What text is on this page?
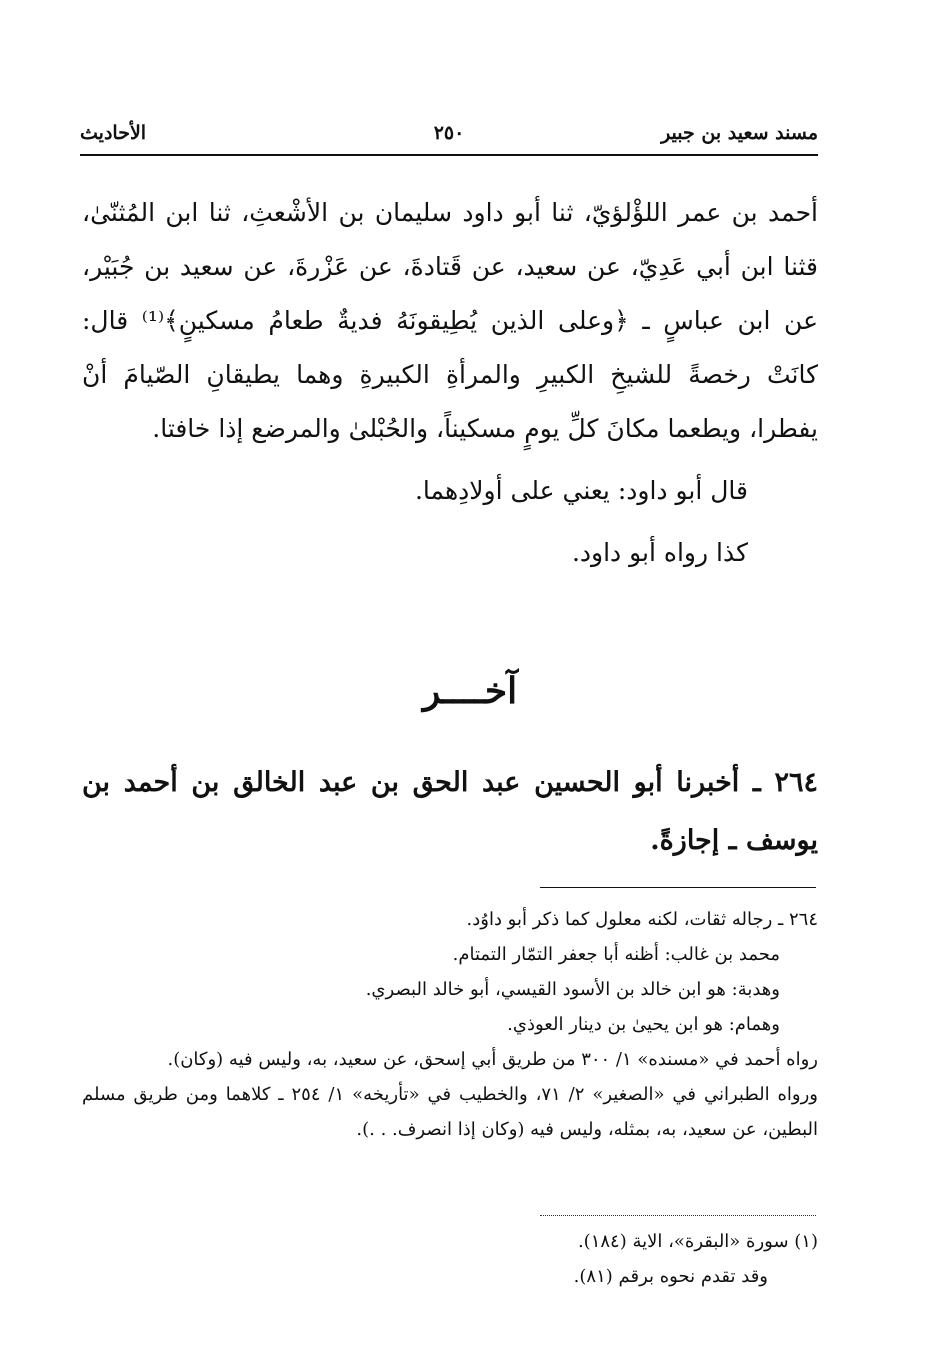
مسند سعيد بن جبير
٢٥٠
الأحاديث

أحمد بن عمر اللؤْلؤيّ، ثنا أبو داود سليمان بن الأشْعثِ، ثنا ابن المُثنّىٰ، قثنا ابن أبي عَدِيّ، عن سعيد، عن قَتادةَ، عن عَزْرةَ، عن سعيد بن جُبَيْر، عن ابن عباسٍ ـ ﴿وعلى الذين يُطِيقونَهُ فديةٌ طعامُ مسكينٍ﴾⁽¹⁾ قال: كانَتْ رخصةً للشيخِ الكبيرِ والمرأةِ الكبيرةِ وهما يطيقانِ الصّيامَ أنْ يفطرا، ويطعما مكانَ كلِّ يومٍ مسكيناً، والحُبْلىٰ والمرضع إذا خافتا.

قال أبو داود: يعني على أولادِهما.

كذا رواه أبو داود.

آخــــر
٢٦٤ ـ أخبرنا أبو الحسين عبد الحق بن عبد الخالق بن أحمد بن يوسف ـ إجازةً.

٢٦٤ ـ رجاله ثقات، لكنه معلول كما ذكر أبو داوُد.

محمد بن غالب: أظنه أبا جعفر التمّار التمتام.

وهدبة: هو ابن خالد بن الأسود القيسي، أبو خالد البصري.

وهمام: هو ابن يحيىٰ بن دينار العوذي.

رواه أحمد في «مسنده» ١/ ٣٠٠ من طريق أبي إسحق، عن سعيد، به، وليس فيه (وكان).

ورواه الطبراني في «الصغير» ٢/ ٧١، والخطيب في «تأريخه» ١/ ٢٥٤ ـ كلاهما ومن طريق مسلم البطين، عن سعيد، به، بمثله، وليس فيه (وكان إذا انصرف. . .).

(١) سورة «البقرة»، الاية (١٨٤).

وقد تقدم نحوه برقم (٨١).
